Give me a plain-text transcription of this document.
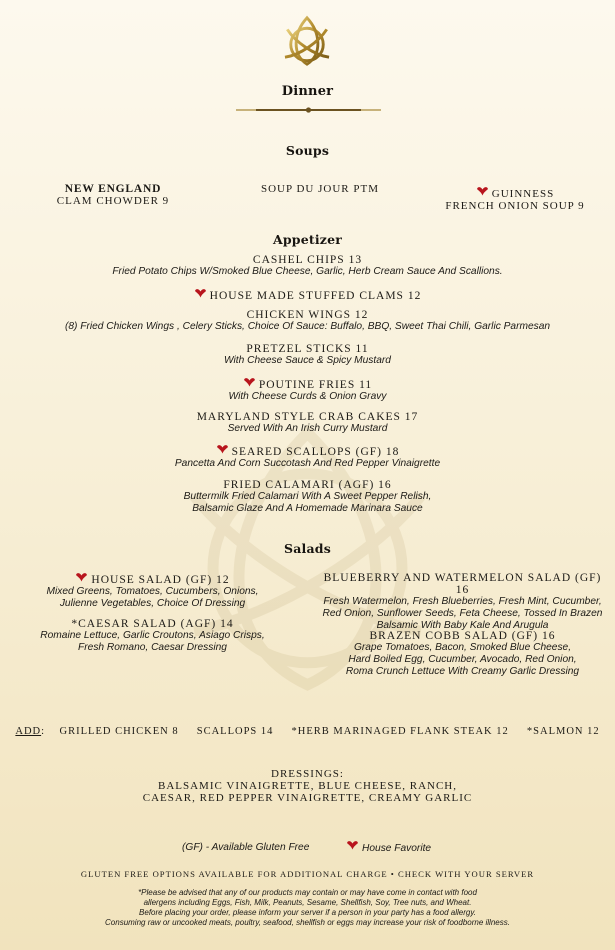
Dinner
Soups
NEW ENGLAND
CLAM CHOWDER 9
SOUP DU JOUR PTM	GUINNESS
FRENCH ONION SOUP 9
Appetizer
CASHEL CHIPS 13
Fried Potato Chips W/Smoked Blue Cheese, Garlic, Herb Cream Sauce And Scallions.
HOUSE MADE STUFFED CLAMS 12
CHICKEN WINGS 12
(8) Fried Chicken Wings , Celery Sticks, Choice Of Sauce: Buffalo, BBQ, Sweet Thai Chili, Garlic Parmesan
PRETZEL STICKS 11
With Cheese Sauce & Spicy Mustard
POUTINE FRIES 11
With Cheese Curds & Onion Gravy
MARYLAND STYLE CRAB CAKES 17
Served With An Irish Curry Mustard
SEARED SCALLOPS (GF) 18
Pancetta And Corn Succotash And Red Pepper Vinaigrette
FRIED CALAMARI (AGF) 16
Buttermilk Fried Calamari With A Sweet Pepper Relish,
Balsamic Glaze And A Homemade Marinara Sauce
Salads
HOUSE SALAD (GF) 12
Mixed Greens, Tomatoes, Cucumbers, Onions,
Julienne Vegetables, Choice Of Dressing
*CAESAR SALAD (AGF) 14
Romaine Lettuce, Garlic Croutons, Asiago Crisps,
Fresh Romano, Caesar Dressing
BLUEBERRY AND WATERMELON SALAD (GF) 16
Fresh Watermelon, Fresh Blueberries, Fresh Mint, Cucumber,
Red Onion, Sunflower Seeds, Feta Cheese, Tossed In Brazen
Balsamic With Baby Kale And Arugula
BRAZEN COBB SALAD (GF) 16
Grape Tomatoes, Bacon, Smoked Blue Cheese,
Hard Boiled Egg, Cucumber, Avocado, Red Onion,
Roma Crunch Lettuce With Creamy Garlic Dressing
ADD: GRILLED CHICKEN 8 SCALLOPS 14 *HERB MARINAGED FLANK STEAK 12 *SALMON 12
DRESSINGS:
BALSAMIC VINAIGRETTE, BLUE CHEESE, RANCH,
CAESAR, RED PEPPER VINAIGRETTE, CREAMY GARLIC
(GF) - Available Gluten Free	House Favorite
GLUTEN FREE OPTIONS AVAILABLE FOR ADDITIONAL CHARGE • CHECK WITH YOUR SERVER
*Please be advised that any of our products may contain or may have come in contact with food
allergens including Eggs, Fish, Milk, Peanuts, Sesame, Shellfish, Soy, Tree nuts, and Wheat.
Before placing your order, please inform your server if a person in your party has a food allergy.
Consuming raw or uncooked meats, poultry, seafood, shellfish or eggs may increase your risk of foodborne illness.
